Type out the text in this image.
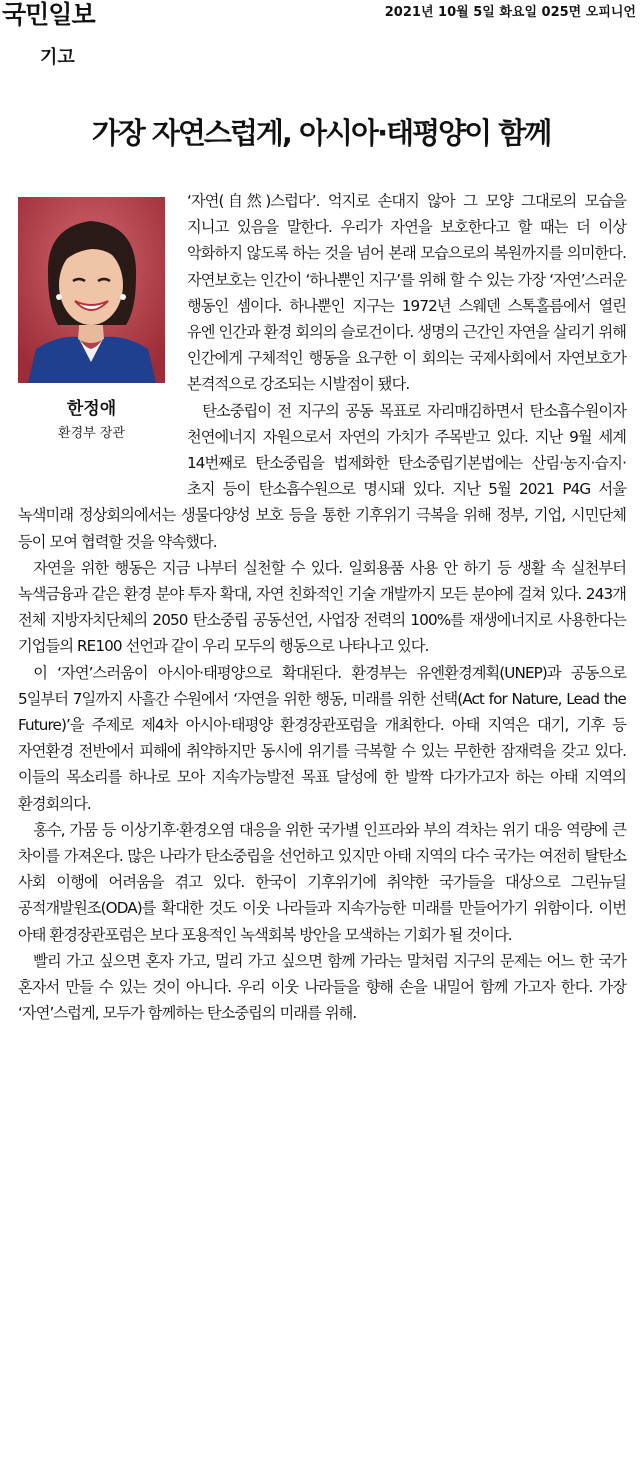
국민일보	2021년 10월 5일 화요일 025면 오피니언
기고
가장 자연스럽게, 아시아·태평양이 함께
한정애
환경부 장관

‘자연(自然)스럽다’. 억지로 손대지 않아 그 모양 그대로의 모습을 지니고 있음을 말한다. 우리가 자연을 보호한다고 할 때는 더 이상 악화하지 않도록 하는 것을 넘어 본래 모습으로의 복원까지를 의미한다. 자연보호는 인간이 ‘하나뿐인 지구’를 위해 할 수 있는 가장 ‘자연’스러운 행동인 셈이다. 하나뿐인 지구는 1972년 스웨덴 스톡홀름에서 열린 유엔 인간과 환경 회의의 슬로건이다. 생명의 근간인 자연을 살리기 위해 인간에게 구체적인 행동을 요구한 이 회의는 국제사회에서 자연보호가 본격적으로 강조되는 시발점이 됐다.

탄소중립이 전 지구의 공동 목표로 자리매김하면서 탄소흡수원이자 천연에너지 자원으로서 자연의 가치가 주목받고 있다. 지난 9월 세계 14번째로 탄소중립을 법제화한 탄소중립기본법에는 산림·농지·습지·초지 등이 탄소흡수원으로 명시돼 있다. 지난 5월 2021 P4G 서울 녹색미래 정상회의에서는 생물다양성 보호 등을 통한 기후위기 극복을 위해 정부, 기업, 시민단체 등이 모여 협력할 것을 약속했다.

자연을 위한 행동은 지금 나부터 실천할 수 있다. 일회용품 사용 안 하기 등 생활 속 실천부터 녹색금융과 같은 환경 분야 투자 확대, 자연 친화적인 기술 개발까지 모든 분야에 걸쳐 있다. 243개 전체 지방자치단체의 2050 탄소중립 공동선언, 사업장 전력의 100%를 재생에너지로 사용한다는 기업들의 RE100 선언과 같이 우리 모두의 행동으로 나타나고 있다.

이 ‘자연’스러움이 아시아·태평양으로 확대된다. 환경부는 유엔환경계획(UNEP)과 공동으로 5일부터 7일까지 사흘간 수원에서 ‘자연을 위한 행동, 미래를 위한 선택(Act for Nature, Lead the Future)’을 주제로 제4차 아시아·태평양 환경장관포럼을 개최한다. 아태 지역은 대기, 기후 등 자연환경 전반에서 피해에 취약하지만 동시에 위기를 극복할 수 있는 무한한 잠재력을 갖고 있다. 이들의 목소리를 하나로 모아 지속가능발전 목표 달성에 한 발짝 다가가고자 하는 아태 지역의 환경회의다.

홍수, 가뭄 등 이상기후·환경오염 대응을 위한 국가별 인프라와 부의 격차는 위기 대응 역량에 큰 차이를 가져온다. 많은 나라가 탄소중립을 선언하고 있지만 아태 지역의 다수 국가는 여전히 탈탄소 사회 이행에 어려움을 겪고 있다. 한국이 기후위기에 취약한 국가들을 대상으로 그린뉴딜 공적개발원조(ODA)를 확대한 것도 이웃 나라들과 지속가능한 미래를 만들어가기 위함이다. 이번 아태 환경장관포럼은 보다 포용적인 녹색회복 방안을 모색하는 기회가 될 것이다.

빨리 가고 싶으면 혼자 가고, 멀리 가고 싶으면 함께 가라는 말처럼 지구의 문제는 어느 한 국가 혼자서 만들 수 있는 것이 아니다. 우리 이웃 나라들을 향해 손을 내밀어 함께 가고자 한다. 가장 ‘자연’스럽게, 모두가 함께하는 탄소중립의 미래를 위해.
